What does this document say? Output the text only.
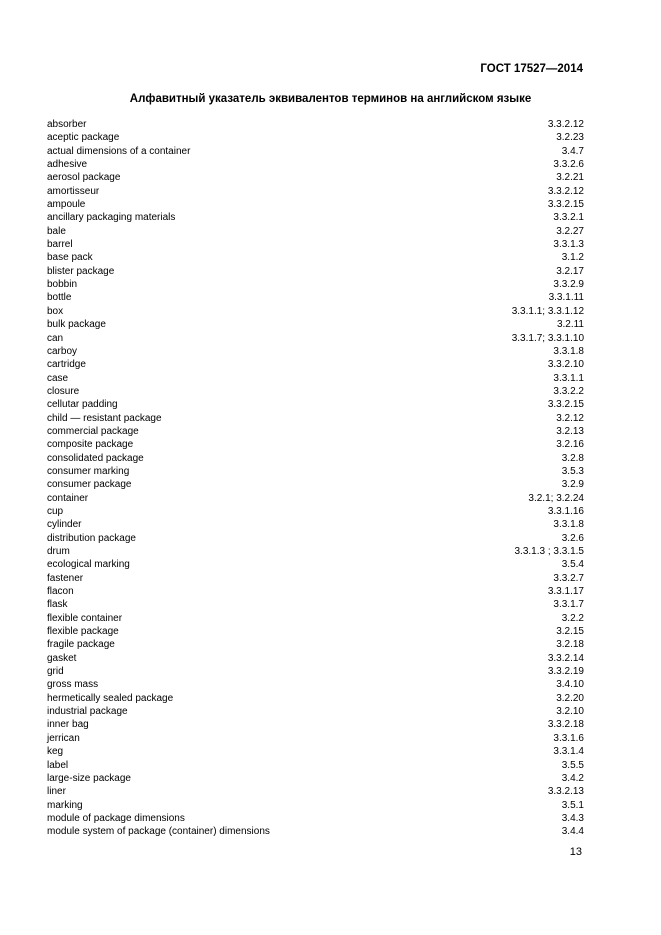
ГОСТ 17527—2014
Алфавитный указатель эквивалентов терминов на английском языке
absorber	3.3.2.12
aceptic package	3.2.23
actual dimensions of a container	3.4.7
adhesive	3.3.2.6
aerosol package	3.2.21
amortisseur	3.3.2.12
ampoule	3.3.2.15
ancillary packaging materials	3.3.2.1
bale	3.2.27
barrel	3.3.1.3
base pack	3.1.2
blister package	3.2.17
bobbin	3.3.2.9
bottle	3.3.1.11
box	3.3.1.1; 3.3.1.12
bulk package	3.2.11
can	3.3.1.7; 3.3.1.10
carboy	3.3.1.8
cartridge	3.3.2.10
case	3.3.1.1
closure	3.3.2.2
cellutar padding	3.3.2.15
child — resistant package	3.2.12
commercial package	3.2.13
composite package	3.2.16
consolidated package	3.2.8
consumer marking	3.5.3
consumer package	3.2.9
container	3.2.1; 3.2.24
cup	3.3.1.16
cylinder	3.3.1.8
distribution package	3.2.6
drum	3.3.1.3 ; 3.3.1.5
ecological marking	3.5.4
fastener	3.3.2.7
flacon	3.3.1.17
flask	3.3.1.7
flexible container	3.2.2
flexible package	3.2.15
fragile package	3.2.18
gasket	3.3.2.14
grid	3.3.2.19
gross mass	3.4.10
hermetically sealed package	3.2.20
industrial package	3.2.10
inner bag	3.3.2.18
jerrican	3.3.1.6
keg	3.3.1.4
label	3.5.5
large-size package	3.4.2
liner	3.3.2.13
marking	3.5.1
module of package dimensions	3.4.3
module system of package (container) dimensions	3.4.4
13
